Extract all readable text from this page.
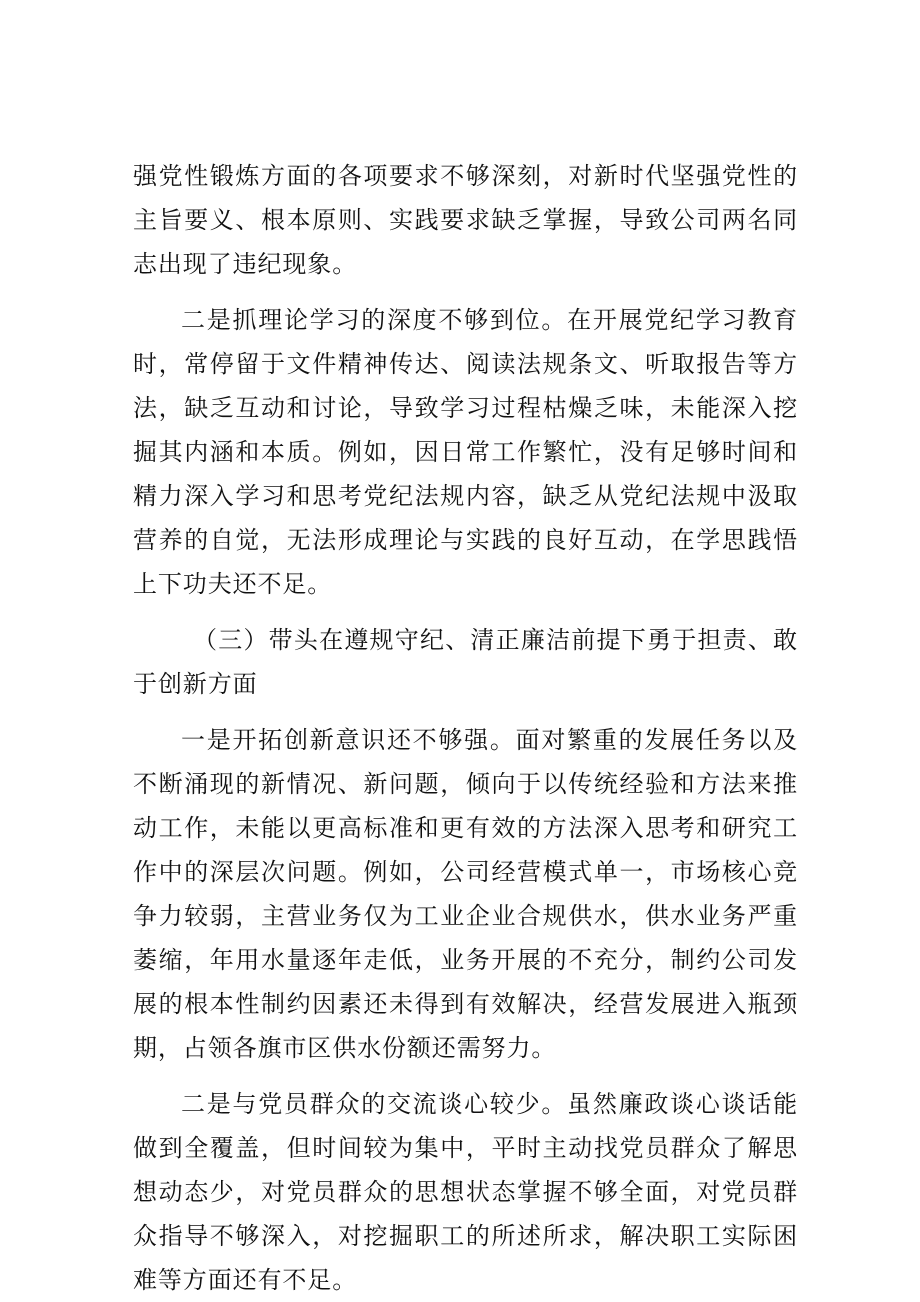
强党性锻炼方面的各项要求不够深刻，对新时代坚强党性的主旨要义、根本原则、实践要求缺乏掌握，导致公司两名同志出现了违纪现象。

二是抓理论学习的深度不够到位。在开展党纪学习教育时，常停留于文件精神传达、阅读法规条文、听取报告等方法，缺乏互动和讨论，导致学习过程枯燥乏味，未能深入挖掘其内涵和本质。例如，因日常工作繁忙，没有足够时间和精力深入学习和思考党纪法规内容，缺乏从党纪法规中汲取营养的自觉，无法形成理论与实践的良好互动，在学思践悟上下功夫还不足。

（三）带头在遵规守纪、清正廉洁前提下勇于担责、敢于创新方面

一是开拓创新意识还不够强。面对繁重的发展任务以及不断涌现的新情况、新问题，倾向于以传统经验和方法来推动工作，未能以更高标准和更有效的方法深入思考和研究工作中的深层次问题。例如，公司经营模式单一，市场核心竞争力较弱，主营业务仅为工业企业合规供水，供水业务严重萎缩，年用水量逐年走低，业务开展的不充分，制约公司发展的根本性制约因素还未得到有效解决，经营发展进入瓶颈期，占领各旗市区供水份额还需努力。

二是与党员群众的交流谈心较少。虽然廉政谈心谈话能做到全覆盖，但时间较为集中，平时主动找党员群众了解思想动态少，对党员群众的思想状态掌握不够全面，对党员群众指导不够深入，对挖掘职工的所述所求，解决职工实际困难等方面还有不足。
